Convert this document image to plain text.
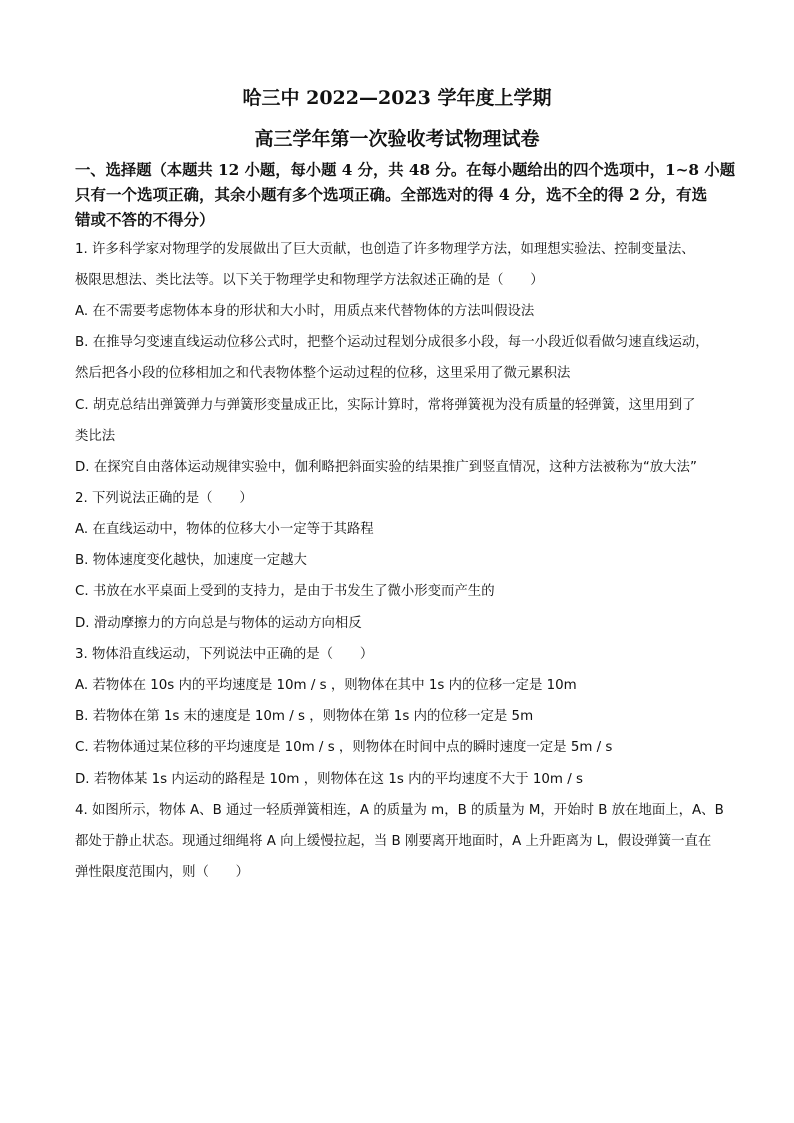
哈三中 2022—2023 学年度上学期
高三学年第一次验收考试物理试卷
一、选择题（本题共 12 小题，每小题 4 分，共 48 分。在每小题给出的四个选项中，1~8 小题
只有一个选项正确，其余小题有多个选项正确。全部选对的得 4 分，选不全的得 2 分，有选
错或不答的不得分）
1. 许多科学家对物理学的发展做出了巨大贡献，也创造了许多物理学方法，如理想实验法、控制变量法、
极限思想法、类比法等。以下关于物理学史和物理学方法叙述正确的是（　　）
A. 在不需要考虑物体本身的形状和大小时，用质点来代替物体的方法叫假设法
B. 在推导匀变速直线运动位移公式时，把整个运动过程划分成很多小段，每一小段近似看做匀速直线运动，
然后把各小段的位移相加之和代表物体整个运动过程的位移，这里采用了微元累积法
C. 胡克总结出弹簧弹力与弹簧形变量成正比，实际计算时，常将弹簧视为没有质量的轻弹簧，这里用到了
类比法
D. 在探究自由落体运动规律实验中，伽利略把斜面实验的结果推广到竖直情况，这种方法被称为“放大法”
2. 下列说法正确的是（　　）
A. 在直线运动中，物体的位移大小一定等于其路程
B. 物体速度变化越快，加速度一定越大
C. 书放在水平桌面上受到的支持力，是由于书发生了微小形变而产生的
D. 滑动摩擦力的方向总是与物体的运动方向相反
3. 物体沿直线运动，下列说法中正确的是（　　）
A. 若物体在 10s 内的平均速度是 10m / s ，则物体在其中 1s 内的位移一定是 10m
B. 若物体在第 1s 末的速度是 10m / s ，则物体在第 1s 内的位移一定是 5m
C. 若物体通过某位移的平均速度是 10m / s ，则物体在时间中点的瞬时速度一定是 5m / s
D. 若物体某 1s 内运动的路程是 10m ，则物体在这 1s 内的平均速度不大于 10m / s
4. 如图所示，物体 A、B 通过一轻质弹簧相连，A 的质量为 m，B 的质量为 M，开始时 B 放在地面上，A、B
都处于静止状态。现通过细绳将 A 向上缓慢拉起，当 B 刚要离开地面时，A 上升距离为 L，假设弹簧一直在
弹性限度范围内，则（　　）
